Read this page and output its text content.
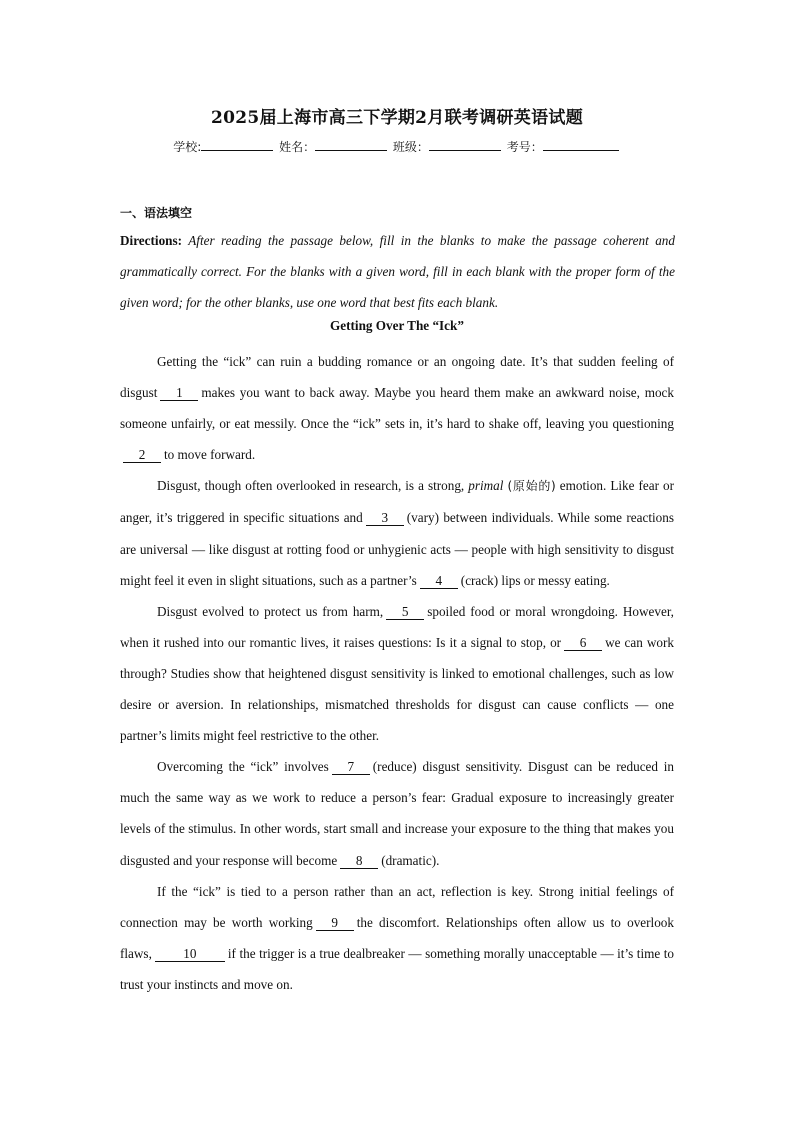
2025届上海市高三下学期2月联考调研英语试题
学校:	姓名：	班级：	考号：
一、语法填空
Directions: After reading the passage below, fill in the blanks to make the passage coherent and grammatically correct. For the blanks with a given word, fill in each blank with the proper form of the given word; for the other blanks, use one word that best fits each blank.
Getting Over The “Ick”

Getting the “ick” can ruin a budding romance or an ongoing date. It’s that sudden feeling of disgust 1 makes you want to back away. Maybe you heard them make an awkward noise, mock someone unfairly, or eat messily. Once the “ick” sets in, it’s hard to shake off, leaving you questioning2 to move forward.

Disgust, though often overlooked in research, is a strong, primal (原始的) emotion. Like fear or anger, it’s triggered in specific situations and 3 (vary) between individuals. While some reactions are universal — like disgust at rotting food or unhygienic acts — people with high sensitivity to disgust might feel it even in slight situations, such as a partner’s 4 (crack) lips or messy eating.

Disgust evolved to protect us from harm, 5 spoiled food or moral wrongdoing. However, when it rushed into our romantic lives, it raises questions: Is it a signal to stop, or 6 we can work through? Studies show that heightened disgust sensitivity is linked to emotional challenges, such as low desire or aversion. In relationships, mismatched thresholds for disgust can cause conflicts — one partner’s limits might feel restrictive to the other.

Overcoming the “ick” involves 7 (reduce) disgust sensitivity. Disgust can be reduced in much the same way as we work to reduce a person’s fear: Gradual exposure to increasingly greater levels of the stimulus. In other words, start small and increase your exposure to the thing that makes you disgusted and your response will become 8 (dramatic).

If the “ick” is tied to a person rather than an act, reflection is key. Strong initial feelings of connection may be worth working 9 the discomfort. Relationships often allow us to overlook flaws, 10 if the trigger is a true dealbreaker — something morally unacceptable — it’s time to trust your instincts and move on.
